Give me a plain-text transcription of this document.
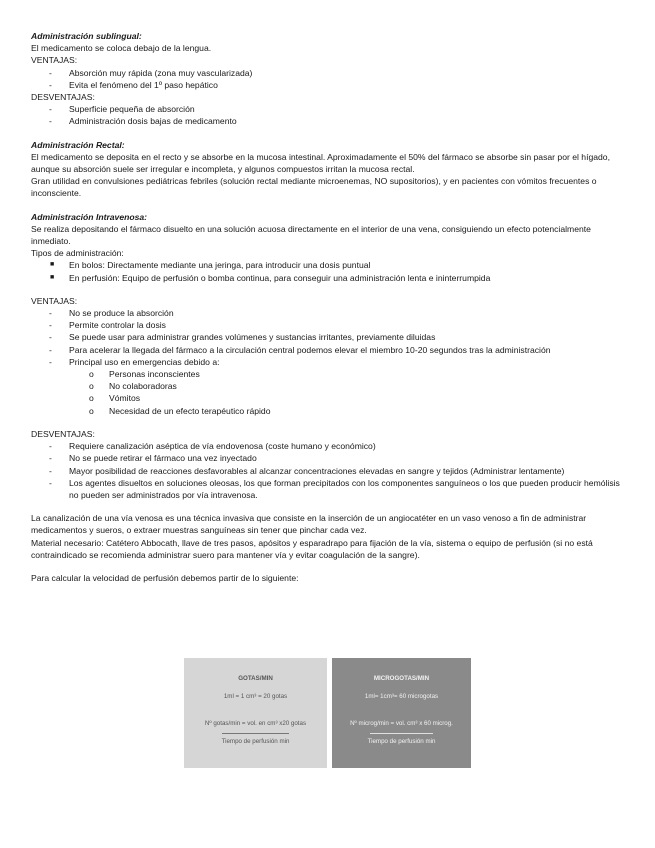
Administración sublingual:
El medicamento se coloca debajo de la lengua.
VENTAJAS:
- Absorción muy rápida (zona muy vascularizada)
- Evita el fenómeno del 1º paso hepático
DESVENTAJAS:
- Superficie pequeña de absorción
- Administración dosis bajas de medicamento
Administración Rectal:
El medicamento se deposita en el recto y se absorbe en la mucosa intestinal. Aproximadamente el 50% del fármaco se absorbe sin pasar por el hígado, aunque su absorción suele ser irregular e incompleta, y algunos compuestos irritan la mucosa rectal.
Gran utilidad en convulsiones pediátricas febriles (solución rectal mediante microenemas, NO supositorios), y en pacientes con vómitos frecuentes o inconsciente.
Administración Intravenosa:
Se realiza depositando el fármaco disuelto en una solución acuosa directamente en el interior de una vena, consiguiendo un efecto potencialmente inmediato.
Tipos de administración:
■ En bolos: Directamente mediante una jeringa, para introducir una dosis puntual
■ En perfusión: Equipo de perfusión o bomba continua, para conseguir una administración lenta e ininterrumpida
VENTAJAS:
- No se produce la absorción
- Permite controlar la dosis
- Se puede usar para administrar grandes volúmenes y sustancias irritantes, previamente diluidas
- Para acelerar la llegada del fármaco a la circulación central podemos elevar el miembro 10-20 segundos tras la administración
- Principal uso en emergencias debido a:
o Personas inconscientes
o No colaboradoras
o Vómitos
o Necesidad de un efecto terapéutico rápido
DESVENTAJAS:
- Requiere canalización aséptica de vía endovenosa (coste humano y económico)
- No se puede retirar el fármaco una vez inyectado
- Mayor posibilidad de reacciones desfavorables al alcanzar concentraciones elevadas en sangre y tejidos (Administrar lentamente)
- Los agentes disueltos en soluciones oleosas, los que forman precipitados con los componentes sanguíneos o los que pueden producir hemólisis no pueden ser administrados por vía intravenosa.
La canalización de una vía venosa es una técnica invasiva que consiste en la inserción de un angiocatéter en un vaso venoso a fin de administrar medicamentos y sueros, o extraer muestras sanguíneas sin tener que pinchar cada vez.
Material necesario: Catétero Abbocath, llave de tres pasos, apósitos y esparadrapo para fijación de la vía, sistema o equipo de perfusión (si no está contraindicado se recomienda administrar suero para mantener vía y evitar coagulación de la sangre).
Para calcular la velocidad de perfusión debemos partir de lo siguiente:
GOTAS/MIN
1ml = 1 cm³ = 20 gotas
Nº gotas/min = vol. en cm³ x20 gotas
Tiempo de perfusión min
MICROGOTAS/MIN
1ml= 1cm³= 60 microgotas
Nº microg/min = vol. cm³ x 60 microg.
Tiempo de perfusión min
